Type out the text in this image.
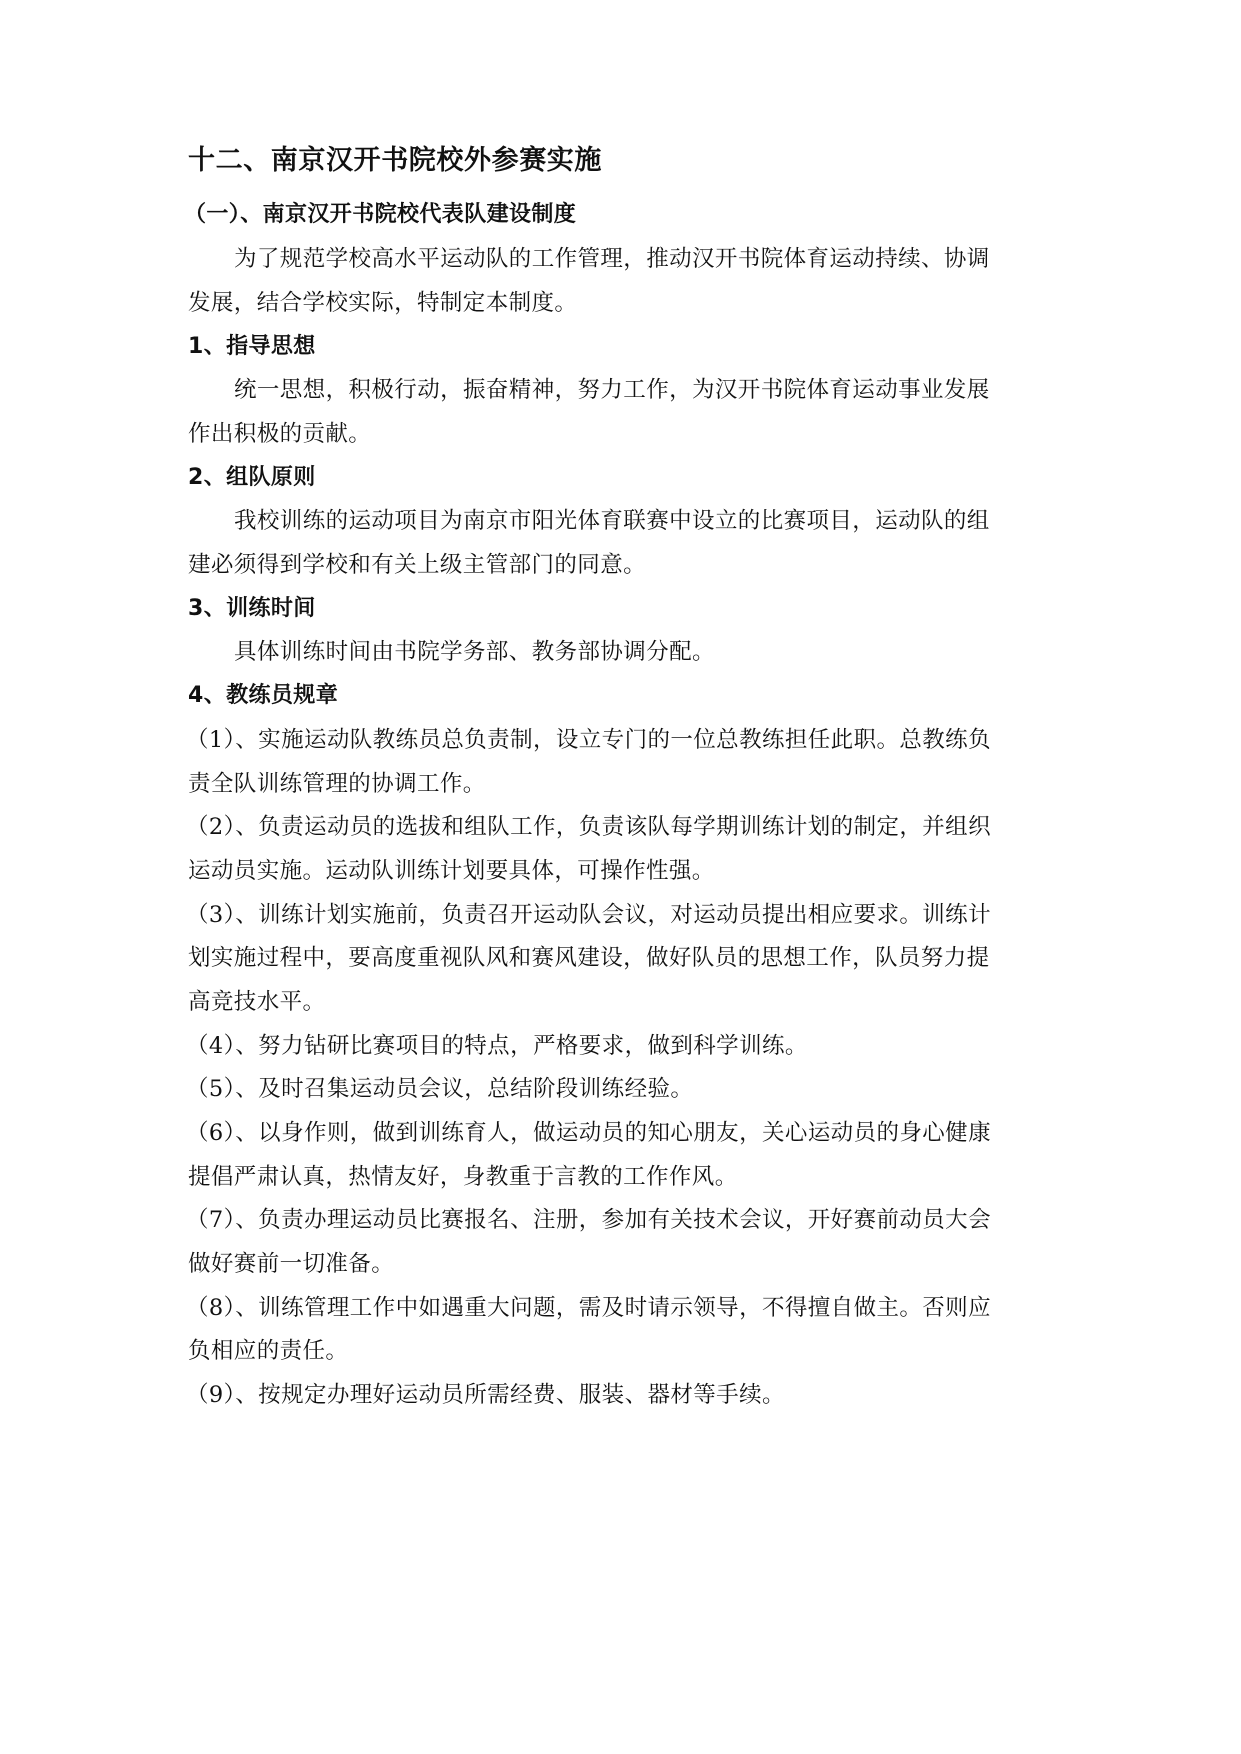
十二、南京汉开书院校外参赛实施
（一）、南京汉开书院校代表队建设制度
为了规范学校高水平运动队的工作管理，推动汉开书院体育运动持续、协调
发展，结合学校实际，特制定本制度。
1、指导思想
统一思想，积极行动，振奋精神，努力工作，为汉开书院体育运动事业发展
作出积极的贡献。
2、组队原则
我校训练的运动项目为南京市阳光体育联赛中设立的比赛项目，运动队的组
建必须得到学校和有关上级主管部门的同意。
3、训练时间
具体训练时间由书院学务部、教务部协调分配。
4、教练员规章
（1）、实施运动队教练员总负责制，设立专门的一位总教练担任此职。总教练负
责全队训练管理的协调工作。
（2）、负责运动员的选拔和组队工作，负责该队每学期训练计划的制定，并组织
运动员实施。运动队训练计划要具体，可操作性强。
（3）、训练计划实施前，负责召开运动队会议，对运动员提出相应要求。训练计
划实施过程中，要高度重视队风和赛风建设，做好队员的思想工作，队员努力提
高竞技水平。
（4）、努力钻研比赛项目的特点，严格要求，做到科学训练。
（5）、及时召集运动员会议，总结阶段训练经验。
（6）、以身作则，做到训练育人，做运动员的知心朋友，关心运动员的身心健康
提倡严肃认真，热情友好，身教重于言教的工作作风。
（7）、负责办理运动员比赛报名、注册，参加有关技术会议，开好赛前动员大会
做好赛前一切准备。
（8）、训练管理工作中如遇重大问题，需及时请示领导，不得擅自做主。否则应
负相应的责任。
（9）、按规定办理好运动员所需经费、服装、器材等手续。
